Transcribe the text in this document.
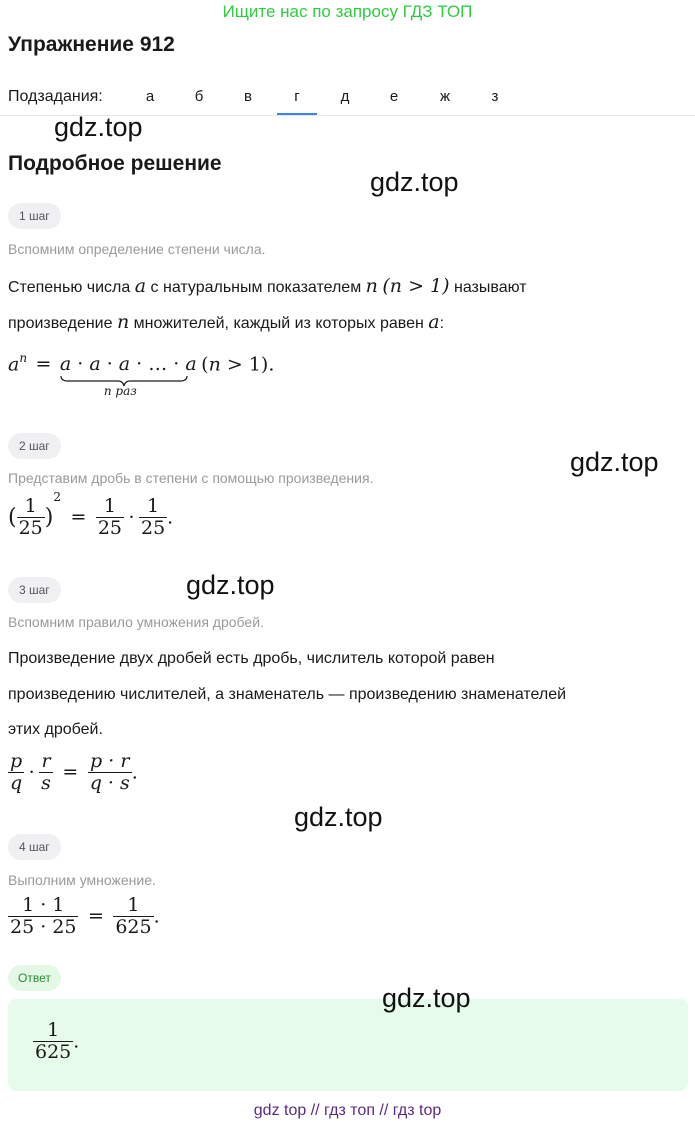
Ищите нас по запросу ГДЗ ТОП
Упражнение 912
Подзадания:	а	б	в	г	д	е	ж	з
gdz.top
Подробное решение
gdz.top
1 шаг
Вспомним определение степени числа.
Степенью числа a с натуральным показателем n (n > 1) называют
произведение n множителей, каждый из которых равен a:
$a^n = a \cdot a \cdot a$ · … · a
n раз
(n > 1).
2 шаг
gdz.top
Представим дробь в степени с помощью произведения.
( $\frac{1}{25} )^2 = \frac{1}{25} \cdot \frac{1}{25}$ .
3 шаг	gdz.top
Вспомним правило умножения дробей.
Произведение двух дробей есть дробь, числитель которой равен
произведению числителей, а знаменатель — произведению знаменателей
этих дробей.
$\frac{p}{q} \cdot \frac{r}{s} = \frac{p \cdot r}{q \cdot s}$ .
gdz.top
4 шаг
Выполним умножение.
$\frac{1 \cdot 1}{25 \cdot 25} = \frac{1}{625}$ .
Ответ
gdz.top
$\frac{1}{625}$ .
gdz top // гдз топ // гдз top
